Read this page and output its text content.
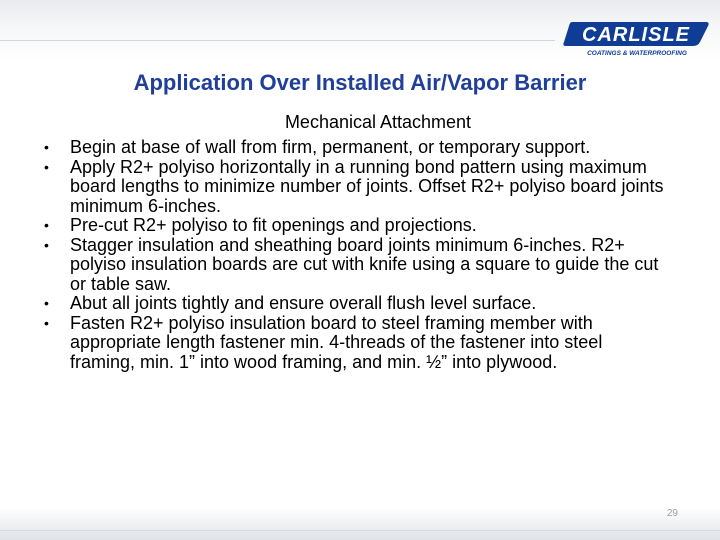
CARLISLE
COATINGS & WATERPROOFING
Application Over Installed Air/Vapor Barrier
Mechanical Attachment
• Begin at base of wall from firm, permanent, or temporary support.
• Apply R2+ polyiso horizontally in a running bond pattern using maximum board lengths to minimize number of joints. Offset R2+ polyiso board joints minimum 6-inches.
• Pre-cut R2+ polyiso to fit openings and projections.
• Stagger insulation and sheathing board joints minimum 6-inches. R2+ polyiso insulation boards are cut with knife using a square to guide the cut or table saw.
• Abut all joints tightly and ensure overall flush level surface.
• Fasten R2+ polyiso insulation board to steel framing member with appropriate length fastener min. 4-threads of the fastener into steel framing, min. 1” into wood framing, and min. ½” into plywood.
29
